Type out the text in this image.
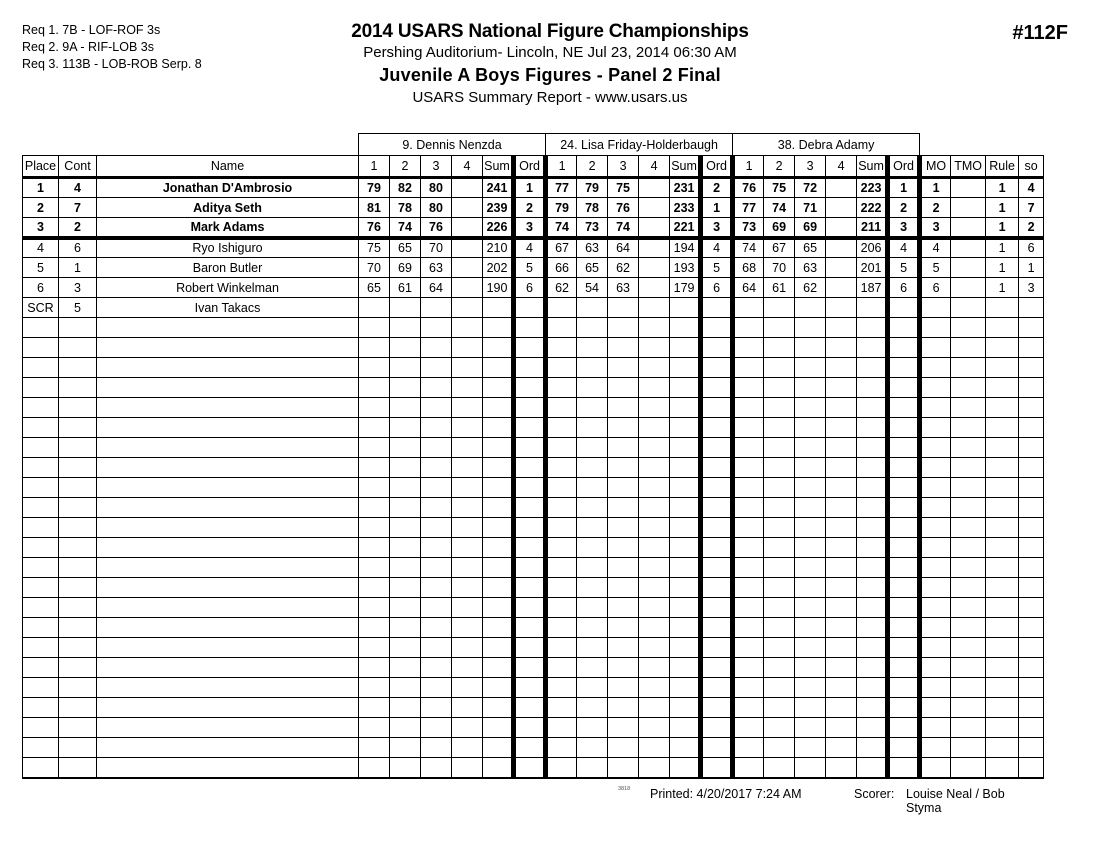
Req 1. 7B - LOF-ROF 3s
Req 2. 9A - RIF-LOB 3s
Req 3. 113B - LOB-ROB Serp. 8
2014 USARS National Figure Championships
Pershing Auditorium- Lincoln, NE Jul 23, 2014 06:30 AM
Juvenile A Boys Figures - Panel 2 Final
USARS Summary Report - www.usars.us
#112F
			9. Dennis Nenzda						24. Lisa Friday-Holderbaugh						38. Debra Adamy									
Place	Cont	Name	1	2	3	4	Sum	Ord	1	2	3	4	Sum	Ord	1	2	3	4	Sum	Ord	MO	TMO	Rule	so
1	4	Jonathan D'Ambrosio	79	82	80		241	1	77	79	75		231	2	76	75	72		223	1	1		1	4
2	7	Aditya Seth	81	78	80		239	2	79	78	76		233	1	77	74	71		222	2	2		1	7
3	2	Mark Adams	76	74	76		226	3	74	73	74		221	3	73	69	69		211	3	3		1	2
4	6	Ryo Ishiguro	75	65	70		210	4	67	63	64		194	4	74	67	65		206	4	4		1	6
5	1	Baron Butler	70	69	63		202	5	66	65	62		193	5	68	70	63		201	5	5		1	1
6	3	Robert Winkelman	65	61	64		190	6	62	54	63		179	6	64	61	62		187	6	6		1	3
SCR	5	Ivan Takacs																						

3818 Printed: 4/20/2017 7:24 AM	Scorer: Louise Neal / Bob Styma
